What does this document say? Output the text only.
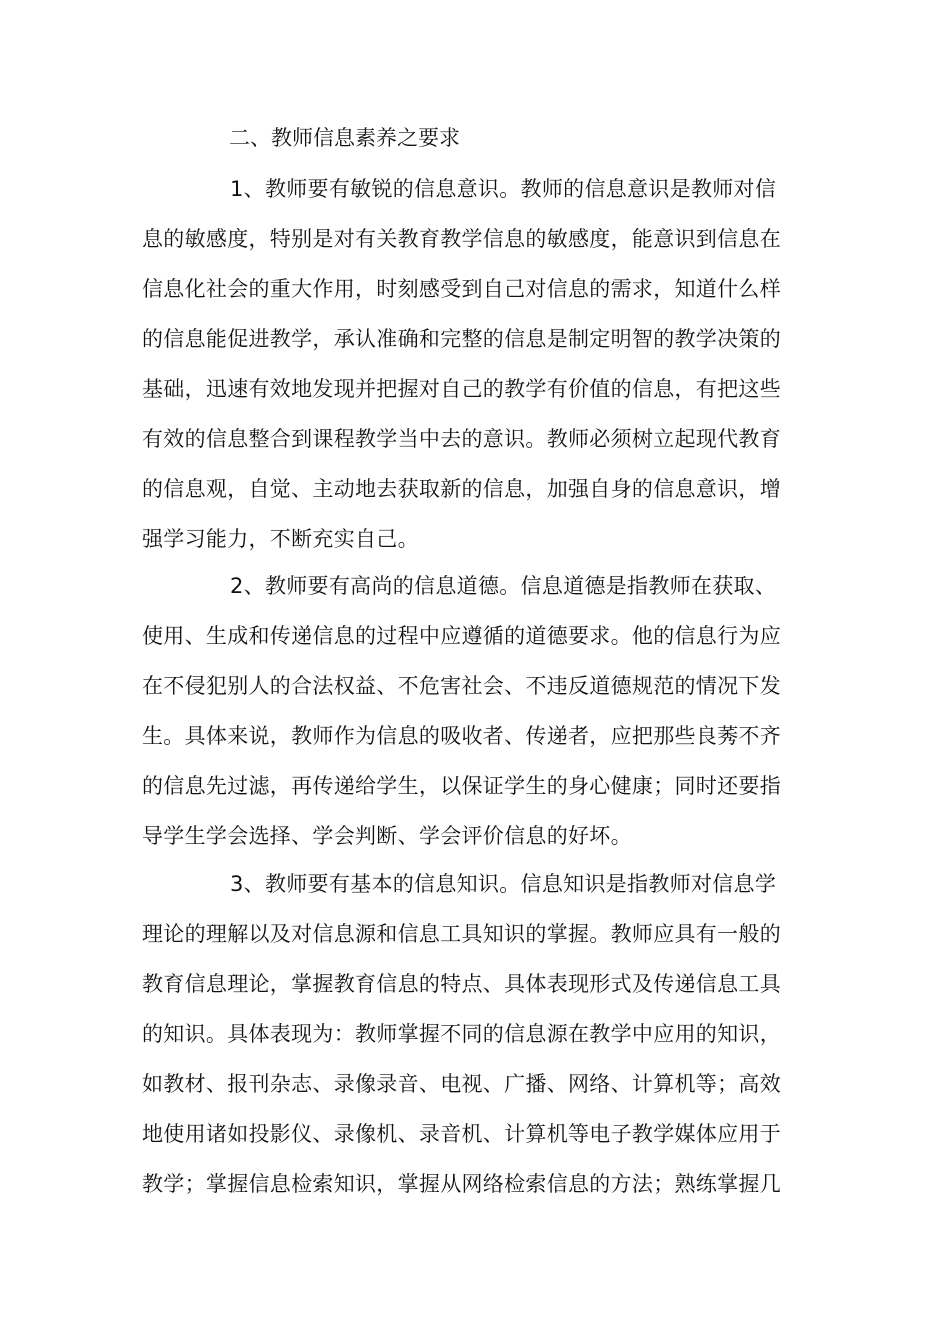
二、教师信息素养之要求

1、教师要有敏锐的信息意识。教师的信息意识是教师对信
息的敏感度，特别是对有关教育教学信息的敏感度，能意识到信息在
信息化社会的重大作用，时刻感受到自己对信息的需求，知道什么样
的信息能促进教学，承认准确和完整的信息是制定明智的教学决策的
基础，迅速有效地发现并把握对自己的教学有价值的信息，有把这些
有效的信息整合到课程教学当中去的意识。教师必须树立起现代教育
的信息观，自觉、主动地去获取新的信息，加强自身的信息意识，增
强学习能力，不断充实自己。

2、教师要有高尚的信息道德。信息道德是指教师在获取、
使用、生成和传递信息的过程中应遵循的道德要求。他的信息行为应
在不侵犯别人的合法权益、不危害社会、不违反道德规范的情况下发
生。具体来说，教师作为信息的吸收者、传递者，应把那些良莠不齐
的信息先过滤，再传递给学生，以保证学生的身心健康；同时还要指
导学生学会选择、学会判断、学会评价信息的好坏。

3、教师要有基本的信息知识。信息知识是指教师对信息学
理论的理解以及对信息源和信息工具知识的掌握。教师应具有一般的
教育信息理论，掌握教育信息的特点、具体表现形式及传递信息工具
的知识。具体表现为：教师掌握不同的信息源在教学中应用的知识，
如教材、报刊杂志、录像录音、电视、广播、网络、计算机等；高效
地使用诸如投影仪、录像机、录音机、计算机等电子教学媒体应用于
教学；掌握信息检索知识，掌握从网络检索信息的方法；熟练掌握几
